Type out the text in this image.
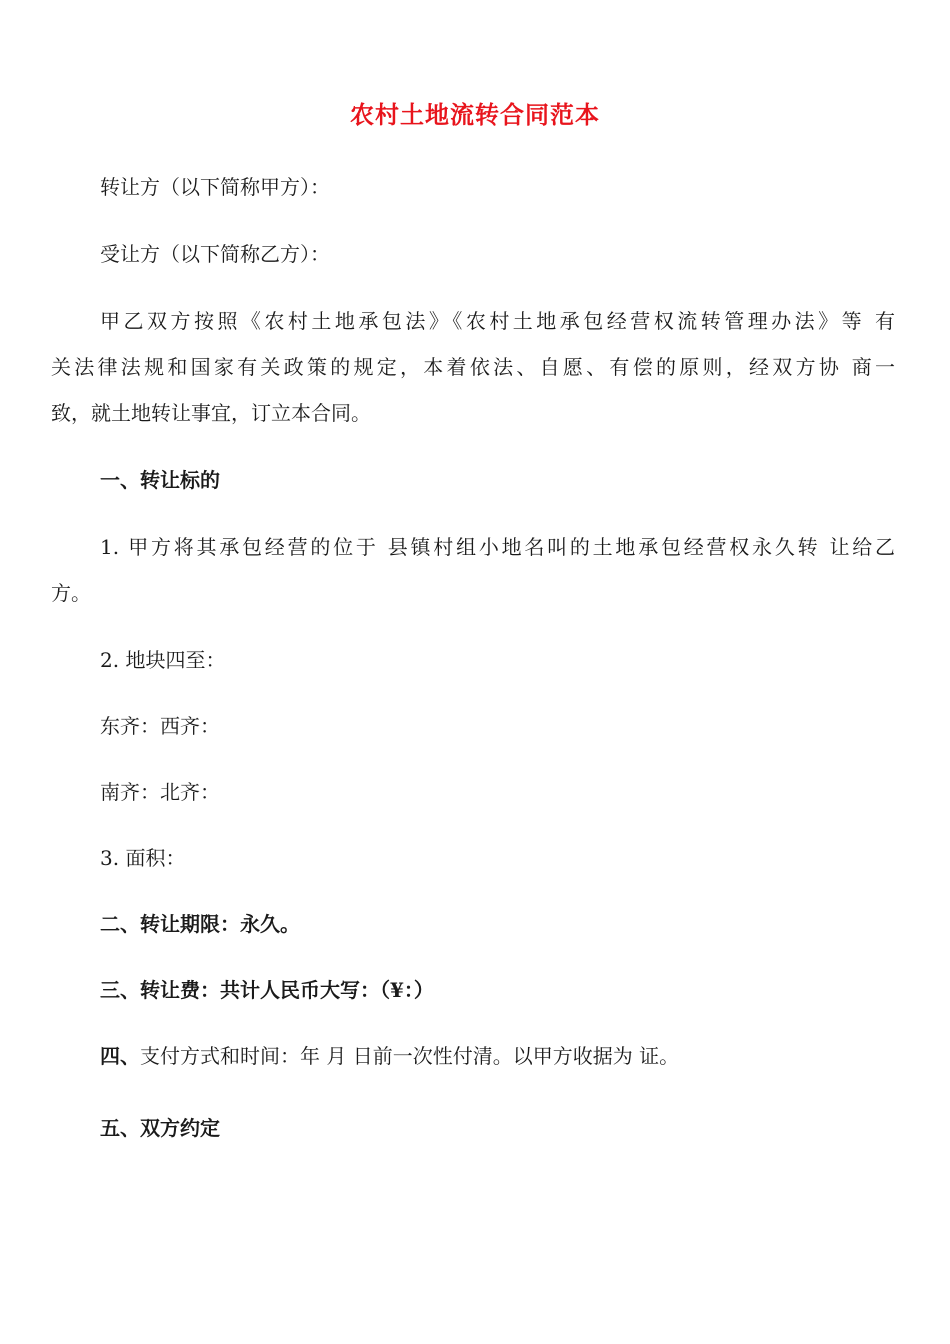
农村土地流转合同范本
转让方（以下简称甲方）：
受让方（以下简称乙方）：
甲乙双方按照《农村土地承包法》《农村土地承包经营权流转管理办法》等 有
关法律法规和国家有关政策的规定，本着依法、自愿、有偿的原则，经双方协 商一
致，就土地转让事宜，订立本合同。
一、转让标的
1. 甲方将其承包经营的位于 县镇村组小地名叫的土地承包经营权永久转 让给乙
方。
2. 地块四至：
东齐：西齐：
南齐：北齐：
3. 面积：
二、转让期限：永久。
三、转让费：共计人民币大写：（¥：）
四、支付方式和时间：年 月 日前一次性付清。以甲方收据为 证。
五、双方约定
